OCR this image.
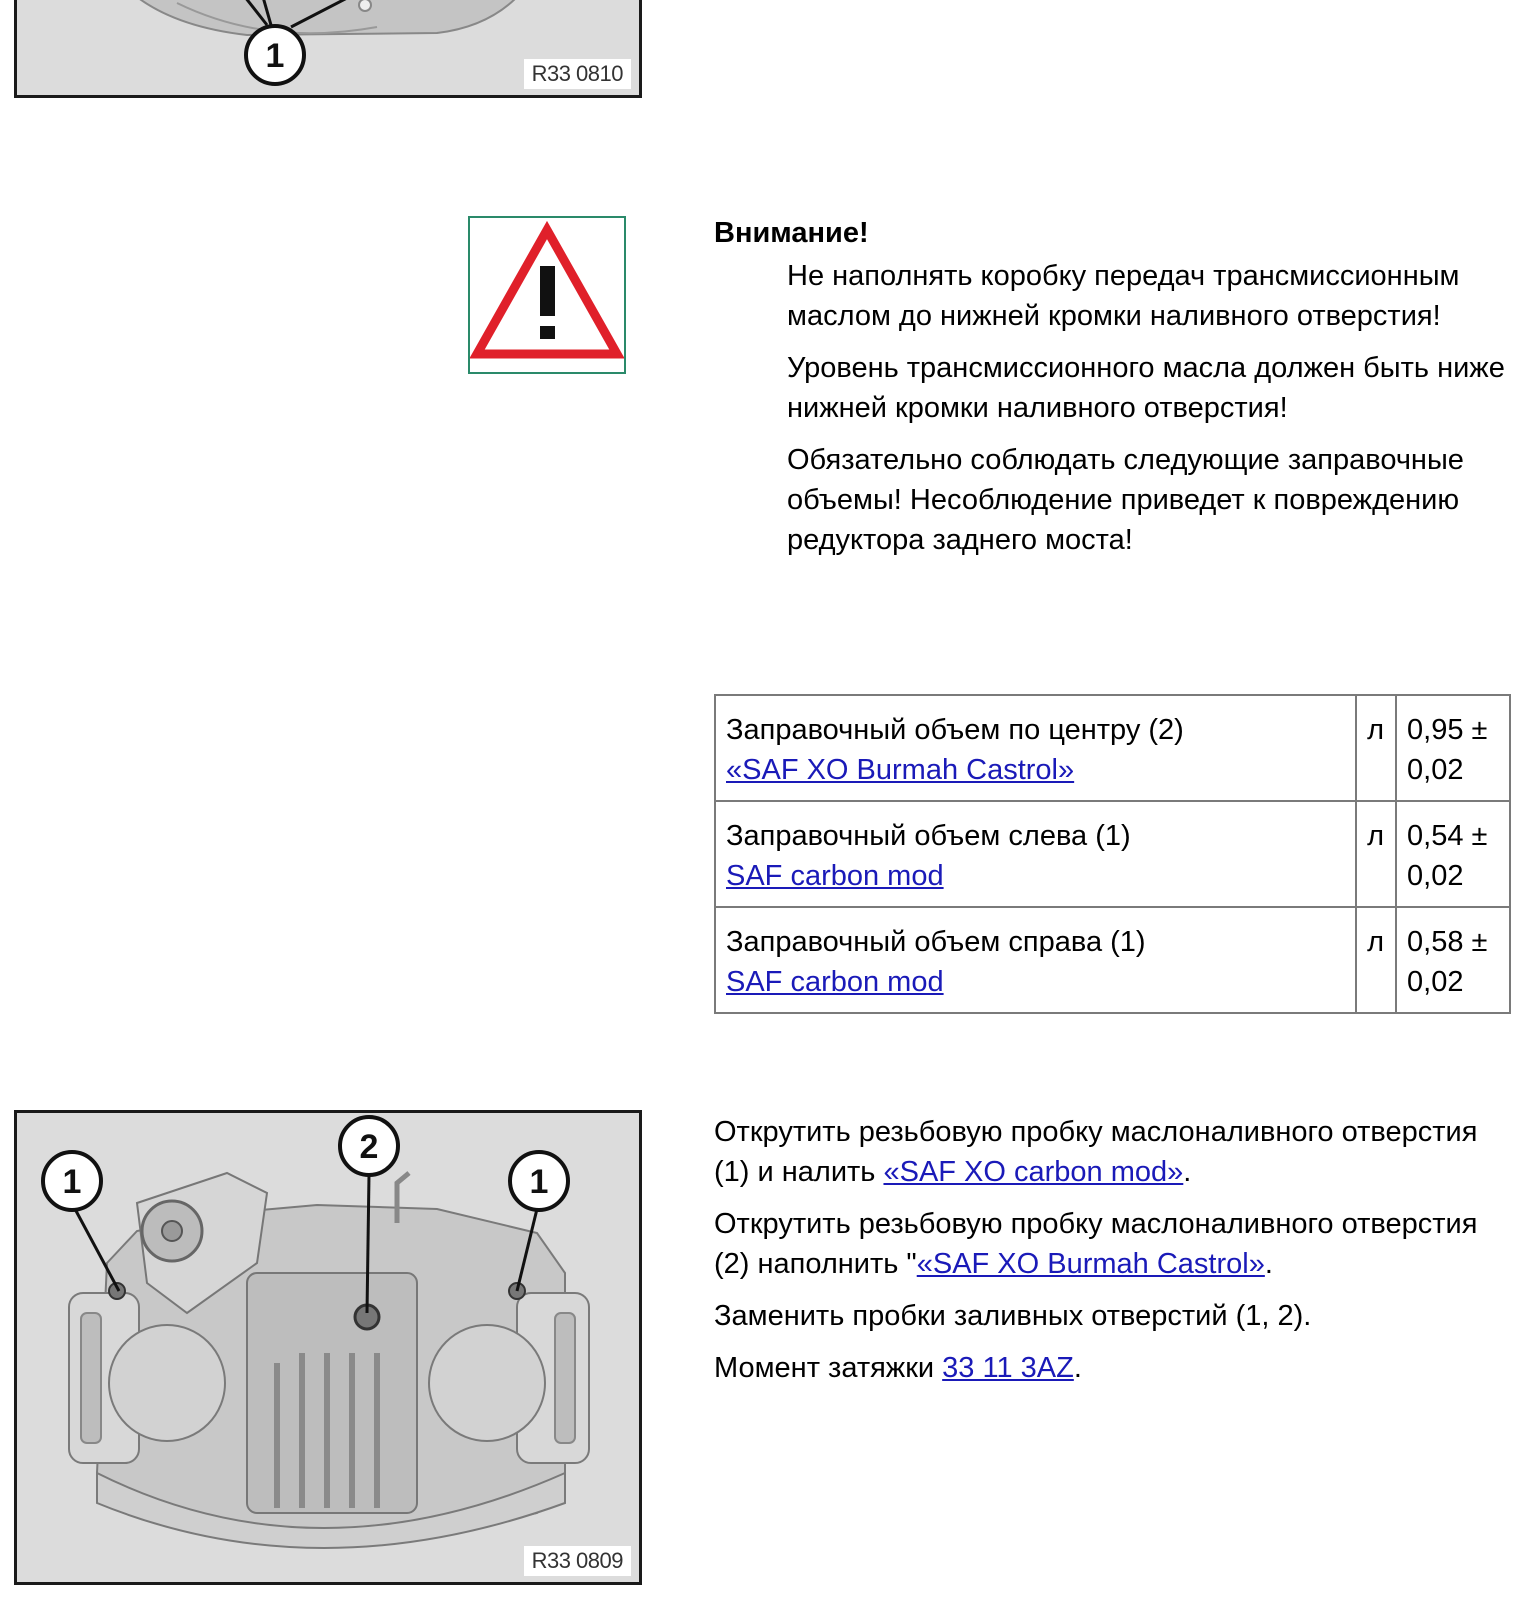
1	R33 0810

Внимание!

Не наполнять коробку передач трансмиссионным маслом до нижней кромки наливного отверстия!

Уровень трансмиссионного масла должен быть ниже нижней кромки наливного отверстия!

Обязательно соблюдать следующие заправочные объемы! Несоблюдение приведет к повреждению редуктора заднего моста!

Заправочный объем по центру (2)
«SAF XO Burmah Castrol»	л	0,95 ±
0,02
Заправочный объем слева (1)
SAF carbon mod	л	0,54 ±
0,02
Заправочный объем справа (1)
SAF carbon mod	л	0,58 ±
0,02
1
2
1
R33 0809

Открутить резьбовую пробку маслоналивного отверстия (1) и налить «SAF XO carbon mod».

Открутить резьбовую пробку маслоналивного отверстия (2) наполнить "«SAF XO Burmah Castrol».

Заменить пробки заливных отверстий (1, 2).

Момент затяжки 33 11 3AZ.
